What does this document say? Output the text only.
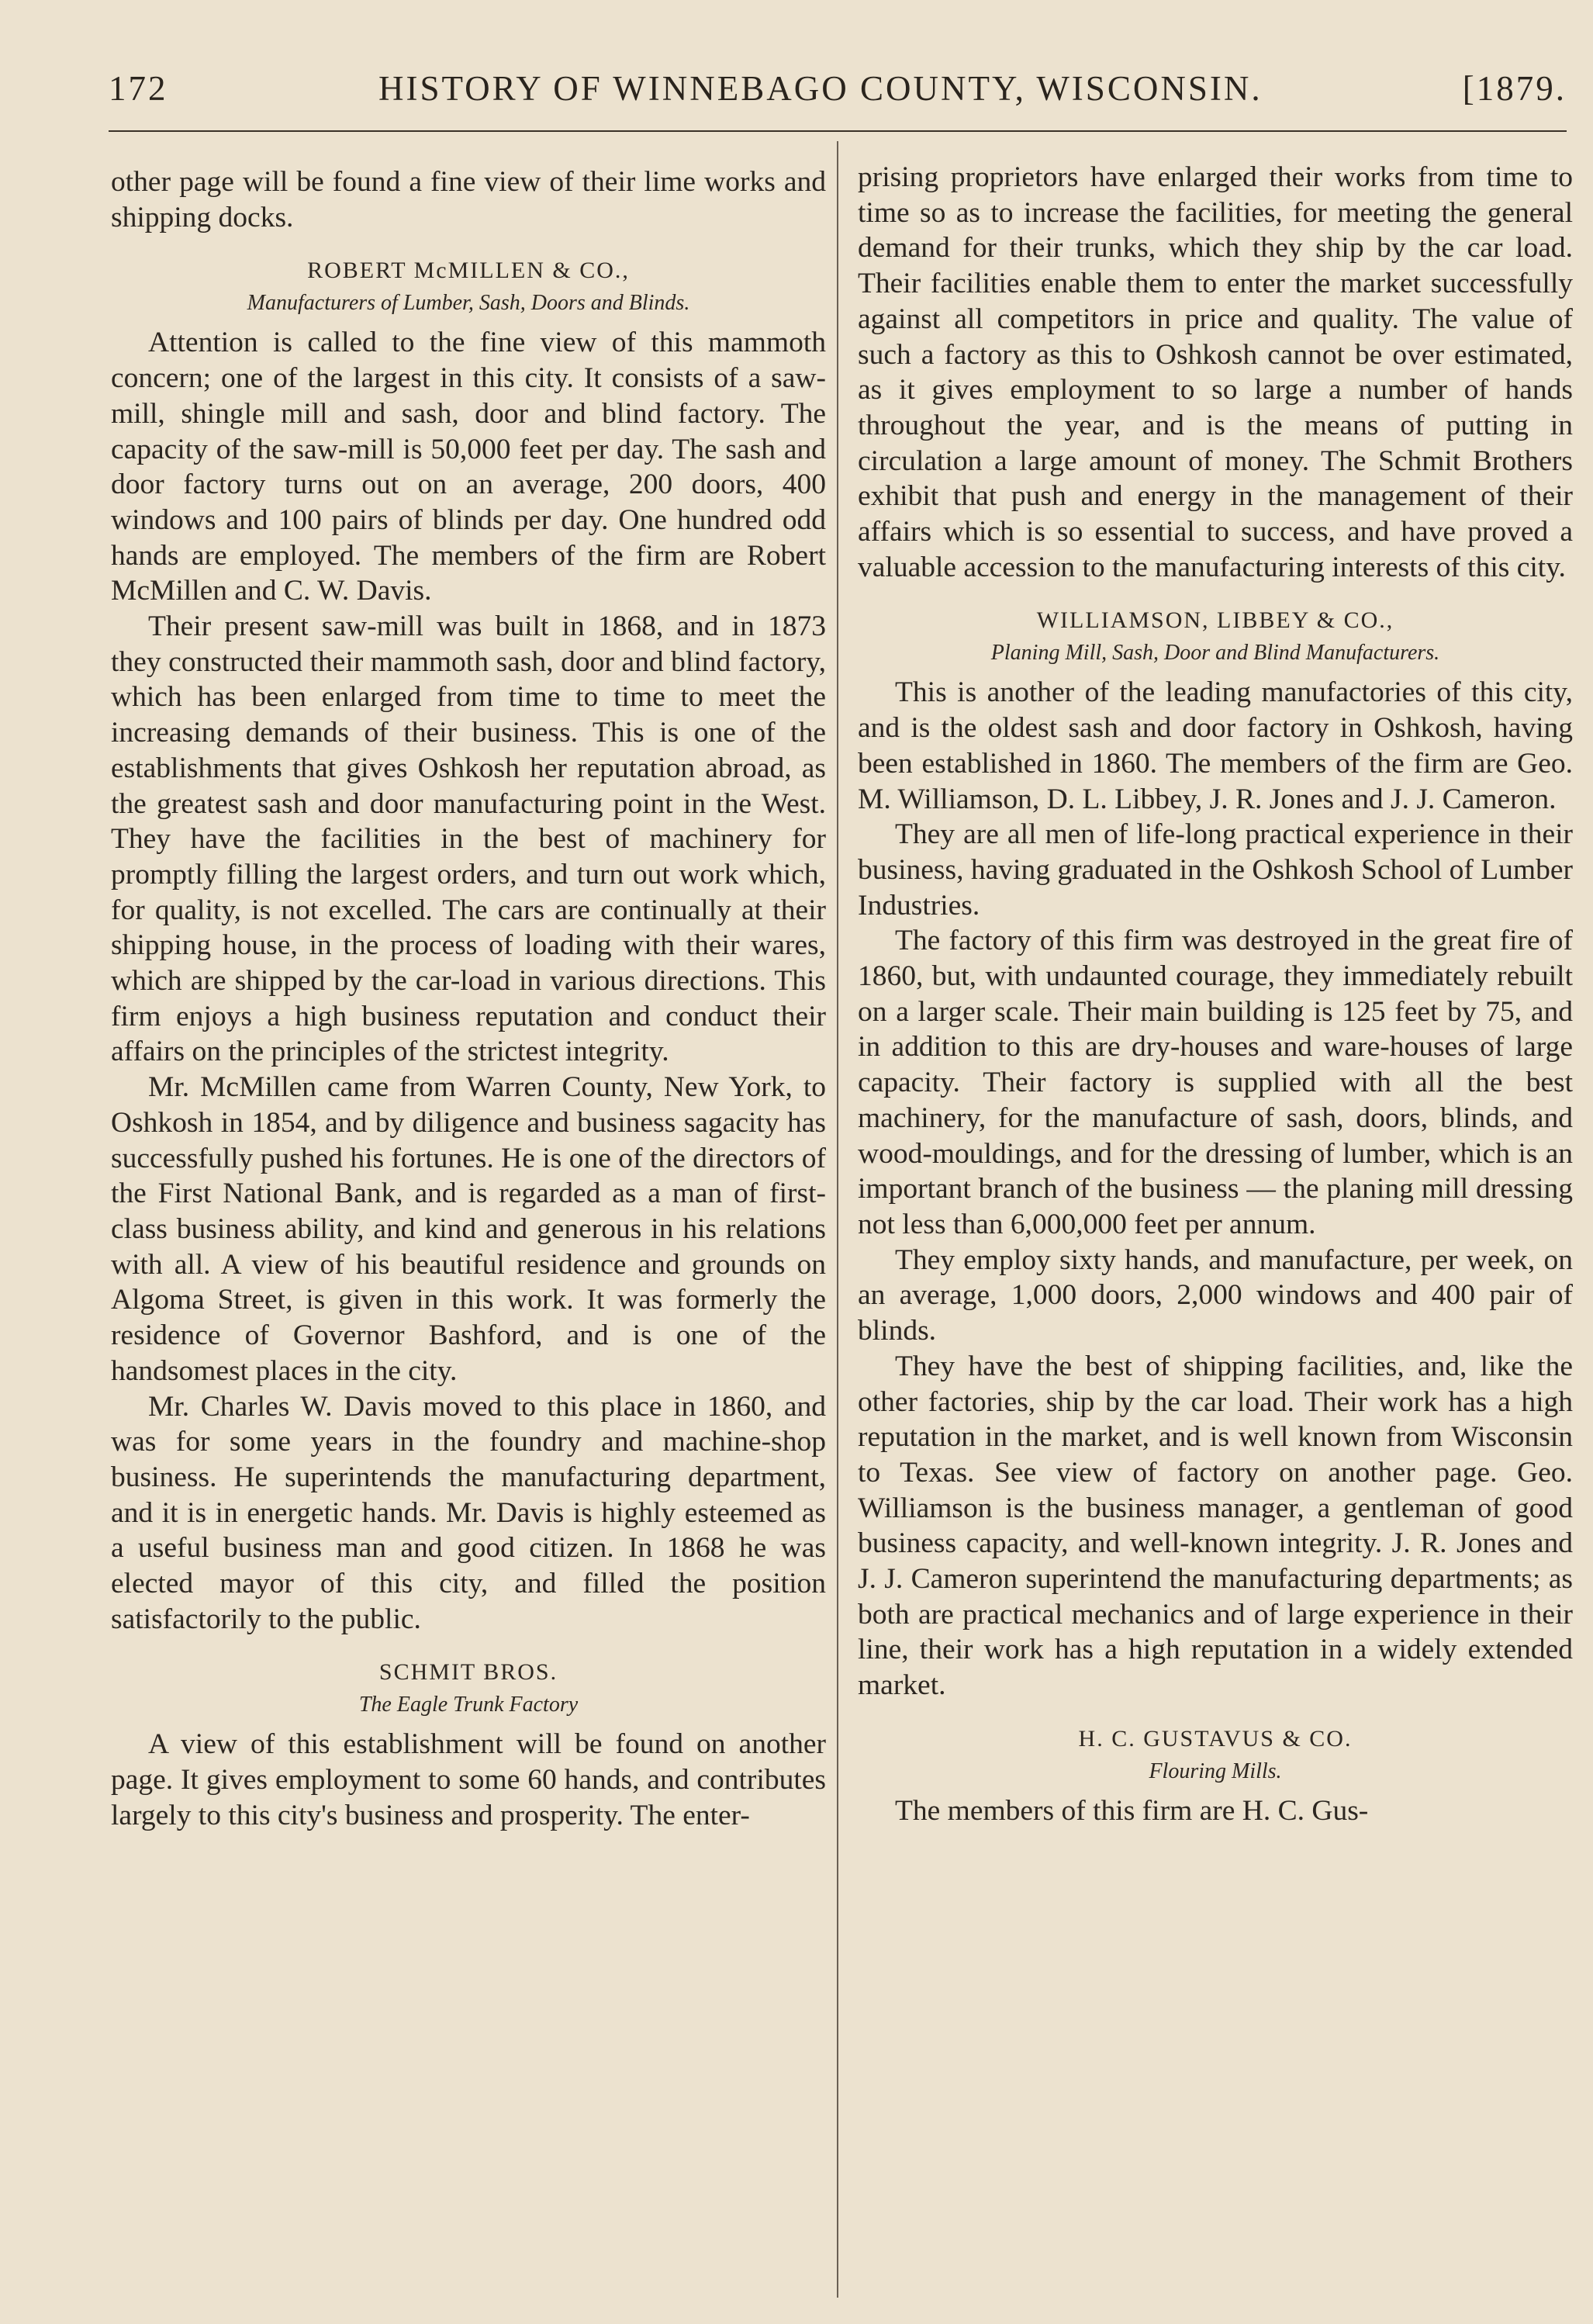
172	HISTORY OF WINNEBAGO COUNTY, WISCONSIN.	[1879.

other page will be found a fine view of their lime works and shipping docks.

ROBERT McMILLEN & CO.,
Manufacturers of Lumber, Sash, Doors and Blinds.

Attention is called to the fine view of this mammoth concern; one of the largest in this city. It consists of a saw-mill, shingle mill and sash, door and blind factory. The capacity of the saw-mill is 50,000 feet per day. The sash and door factory turns out on an average, 200 doors, 400 windows and 100 pairs of blinds per day. One hundred odd hands are employed. The members of the firm are Robert McMillen and C. W. Davis.

Their present saw-mill was built in 1868, and in 1873 they constructed their mammoth sash, door and blind factory, which has been enlarged from time to time to meet the increasing demands of their business. This is one of the establishments that gives Oshkosh her reputation abroad, as the greatest sash and door manufacturing point in the West. They have the facilities in the best of machinery for promptly filling the largest orders, and turn out work which, for quality, is not excelled. The cars are continually at their shipping house, in the process of loading with their wares, which are shipped by the car-load in various directions. This firm enjoys a high business reputation and conduct their affairs on the principles of the strictest integrity.

Mr. McMillen came from Warren County, New York, to Oshkosh in 1854, and by diligence and business sagacity has successfully pushed his fortunes. He is one of the directors of the First National Bank, and is regarded as a man of first-class business ability, and kind and generous in his relations with all. A view of his beautiful residence and grounds on Algoma Street, is given in this work. It was formerly the residence of Governor Bashford, and is one of the handsomest places in the city.

Mr. Charles W. Davis moved to this place in 1860, and was for some years in the foundry and machine-shop business. He superintends the manufacturing department, and it is in energetic hands. Mr. Davis is highly esteemed as a useful business man and good citizen. In 1868 he was elected mayor of this city, and filled the position satisfactorily to the public.

SCHMIT BROS.
The Eagle Trunk Factory

A view of this establishment will be found on another page. It gives employment to some 60 hands, and contributes largely to this city's business and prosperity. The enter-

prising proprietors have enlarged their works from time to time so as to increase the facilities, for meeting the general demand for their trunks, which they ship by the car load. Their facilities enable them to enter the market successfully against all competitors in price and quality. The value of such a factory as this to Oshkosh cannot be over estimated, as it gives employment to so large a number of hands throughout the year, and is the means of putting in circulation a large amount of money. The Schmit Brothers exhibit that push and energy in the management of their affairs which is so essential to success, and have proved a valuable accession to the manufacturing interests of this city.

WILLIAMSON, LIBBEY & CO.,
Planing Mill, Sash, Door and Blind Manufacturers.

This is another of the leading manufactories of this city, and is the oldest sash and door factory in Oshkosh, having been established in 1860. The members of the firm are Geo. M. Williamson, D. L. Libbey, J. R. Jones and J. J. Cameron.

They are all men of life-long practical experience in their business, having graduated in the Oshkosh School of Lumber Industries.

The factory of this firm was destroyed in the great fire of 1860, but, with undaunted courage, they immediately rebuilt on a larger scale. Their main building is 125 feet by 75, and in addition to this are dry-houses and ware-houses of large capacity. Their factory is supplied with all the best machinery, for the manufacture of sash, doors, blinds, and wood-mouldings, and for the dressing of lumber, which is an important branch of the business — the planing mill dressing not less than 6,000,000 feet per annum.

They employ sixty hands, and manufacture, per week, on an average, 1,000 doors, 2,000 windows and 400 pair of blinds.

They have the best of shipping facilities, and, like the other factories, ship by the car load. Their work has a high reputation in the market, and is well known from Wisconsin to Texas. See view of factory on another page. Geo. Williamson is the business manager, a gentleman of good business capacity, and well-known integrity. J. R. Jones and J. J. Cameron superintend the manufacturing departments; as both are practical mechanics and of large experience in their line, their work has a high reputation in a widely extended market.

H. C. GUSTAVUS & CO.
Flouring Mills.

The members of this firm are H. C. Gus-
